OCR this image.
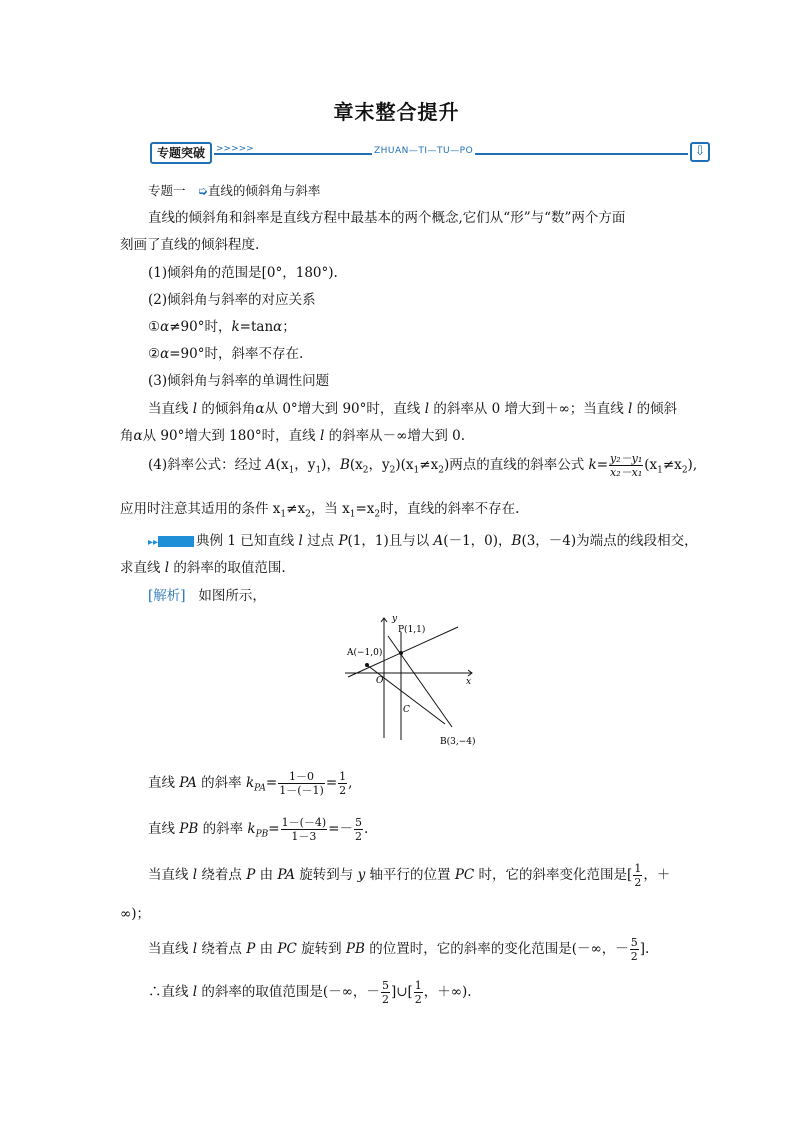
章末整合提升
专题突破	>>>>>	ZHUAN—TI—TU—PO	⇩
专题一 ➭直线的倾斜角与斜率
直线的倾斜角和斜率是直线方程中最基本的两个概念,它们从“形”与“数”两个方面
刻画了直线的倾斜程度.
(1)倾斜角的范围是[0°，180°).
(2)倾斜角与斜率的对应关系
①α≠90°时，k=tanα；
②α=90°时，斜率不存在.
(3)倾斜角与斜率的单调性问题
当直线 l 的倾斜角α从 0°增大到 90°时，直线 l 的斜率从 0 增大到＋∞；当直线 l 的倾斜
角α从 90°增大到 180°时，直线 l 的斜率从－∞增大到 0.
(4)斜率公式：经过 $A(x_1$，$y_1$)，$B(x_2$，$y_2)(x_1\ne x_2)$两点的直线的斜率公式 $k= \frac{\text{y₂－y₁}}{\text{x₂－x₁}} (x_1\ne x_2)$,
应用时注意其适用的条件 $x_1\ne x_2$，当 $x_1=x_2$时，直线的斜率不存在.
▸▸	典例 1 已知直线 l 过点 P(1，1)且与以 A(－1，0)，B(3，－4)为端点的线段相交，
求直线 l 的斜率的取值范围.
[解析] 如图所示，
y
x
O
P(1,1)
A(−1,0)
C
B(3,−4)
直线 PA 的斜率 $k_{PA}= \frac{1-0}{1-(-1)} = \frac{1}{2}$ ,
直线 PB 的斜率 $k_{PB}= \frac{1-(-4)}{1-3} =- \frac{5}{2}$ .
当直线 l 绕着点 P 由 PA 旋转到与 y 轴平行的位置 PC 时，它的斜率变化范围是[ $\frac{1}{2}$ ，＋
∞)；
当直线 l 绕着点 P 由 PC 旋转到 PB 的位置时，它的斜率的变化范围是(－∞，－ $\frac{5}{2}$ ].
∴直线 l 的斜率的取值范围是(－∞，－ $\frac{5}{2}$ ]∪[ $\frac{1}{2}$ ，＋∞).
